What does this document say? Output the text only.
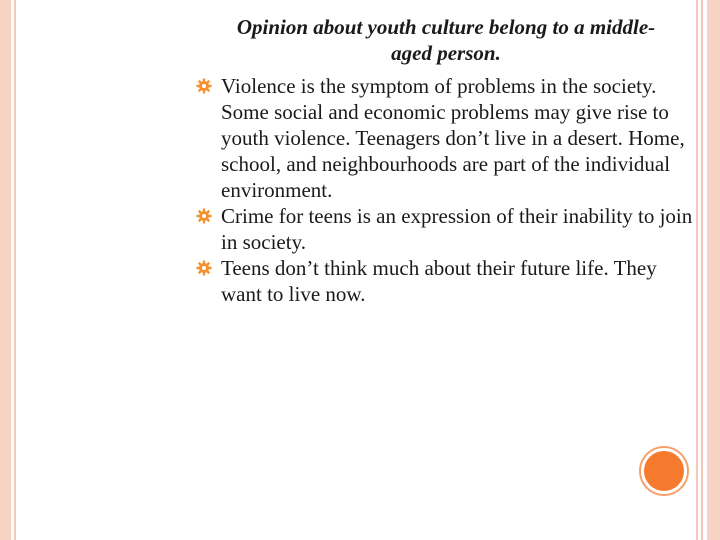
Opinion about youth culture belong to a middle-
aged person.
Violence is the symptom of problems in the society. Some social and economic problems may give rise to youth violence. Teenagers don’t live in a desert. Home, school, and neighbourhoods are part of the individual environment.
Crime for teens is an expression of their inability to join in society.
Teens don’t think much about their future life. They want to live now.
